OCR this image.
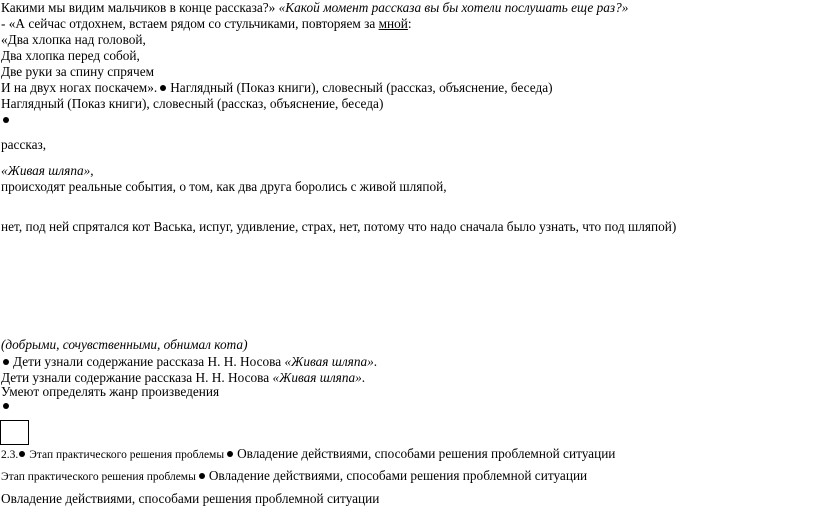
Какими мы видим мальчиков в конце рассказа?» «Какой момент рассказа вы бы хотели послушать еще раз?»
- «А сейчас отдохнем, встаем рядом со стульчиками, повторяем за мной:
«Два хлопка над головой,
Два хлопка перед собой,
Две руки за спину спрячем
И на двух ногах поскачем». Наглядный (Показ книги), словесный (рассказ, объяснение, беседа)
Наглядный (Показ книги), словесный (рассказ, объяснение, беседа)
рассказ,
«Живая шляпа»,
происходят реальные события, о том, как два друга боролись с живой шляпой,
нет, под ней спрятался кот Васька, испуг, удивление, страх, нет, потому что надо сначала было узнать, что под шляпой)
(добрыми, сочувственными, обнимал кота)
Дети узнали содержание рассказа Н. Н. Носова «Живая шляпа».
Дети узнали содержание рассказа Н. Н. Носова «Живая шляпа».
Умеют определять жанр произведения
2.3. Этап практического решения проблемы Овладение действиями, способами решения проблемной ситуации
Этап практического решения проблемы Овладение действиями, способами решения проблемной ситуации
Овладение действиями, способами решения проблемной ситуации
